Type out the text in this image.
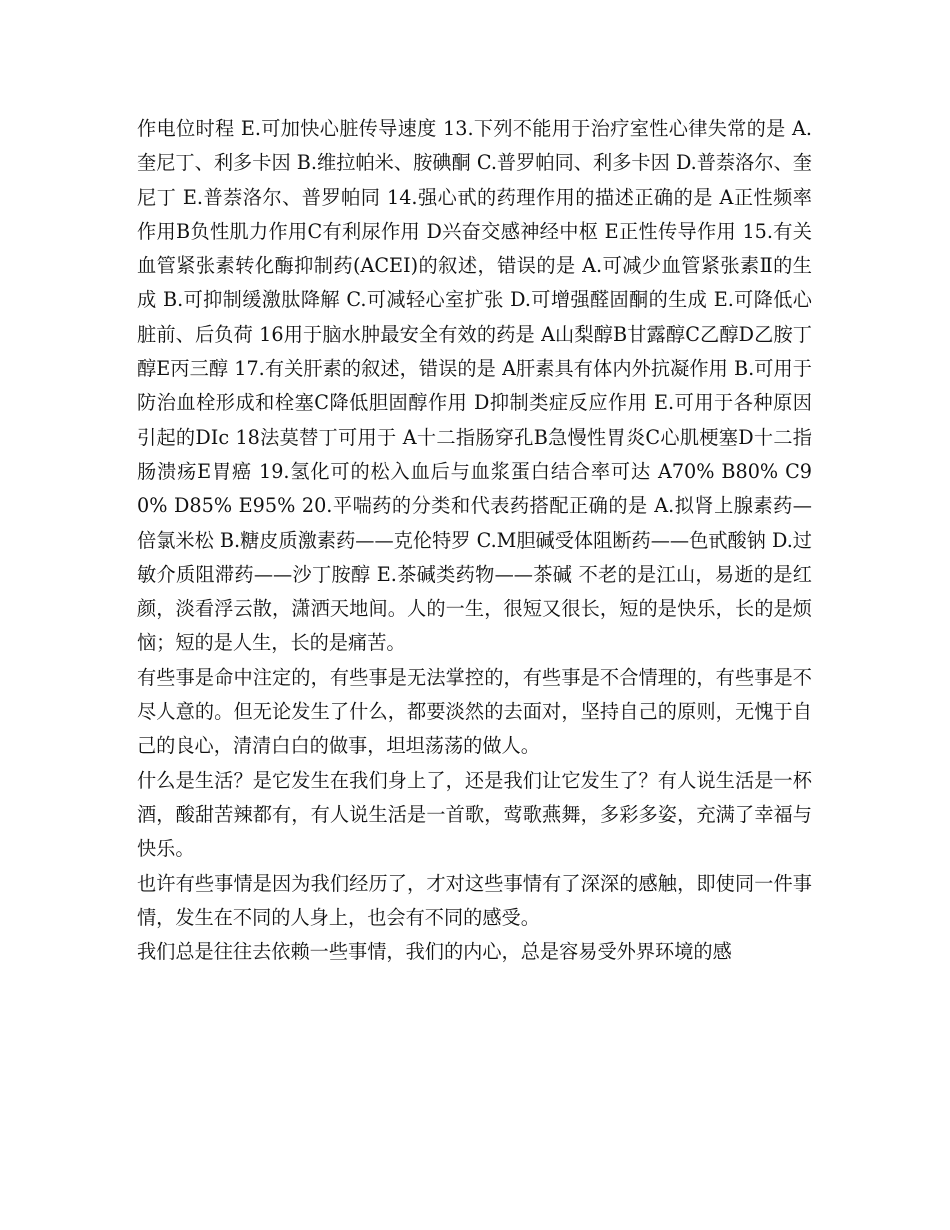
作电位时程 E.可加快心脏传导速度 13.下列不能用于治疗室性心律失常的是 A.奎尼丁、利多卡因 B.维拉帕米、胺碘酮 C.普罗帕同、利多卡因 D.普萘洛尔、奎尼丁 E.普萘洛尔、普罗帕同 14.强心甙的药理作用的描述正确的是 A正性频率作用B负性肌力作用C有利尿作用 D兴奋交感神经中枢 E正性传导作用 15.有关血管紧张素转化酶抑制药(ACEI)的叙述，错误的是 A.可减少血管紧张素Ⅱ的生成 B.可抑制缓激肽降解 C.可减轻心室扩张 D.可增强醛固酮的生成 E.可降低心脏前、后负荷 16用于脑水肿最安全有效的药是 A山梨醇B甘露醇C乙醇D乙胺丁醇E丙三醇 17.有关肝素的叙述，错误的是 A肝素具有体内外抗凝作用 B.可用于防治血栓形成和栓塞C降低胆固醇作用 D抑制类症反应作用 E.可用于各种原因引起的DIc 18法莫替丁可用于 A十二指肠穿孔B急慢性胃炎C心肌梗塞D十二指肠溃疡E胃癌 19.氢化可的松入血后与血浆蛋白结合率可达 A70% B80% C90% D85% E95% 20.平喘药的分类和代表药搭配正确的是 A.拟肾上腺素药—倍氯米松 B.糖皮质激素药——克伦特罗 C.M胆碱受体阻断药——色甙酸钠 D.过敏介质阻滞药——沙丁胺醇 E.茶碱类药物——茶碱 不老的是江山，易逝的是红颜，淡看浮云散，潇洒天地间。人的一生，很短又很长，短的是快乐，长的是烦恼；短的是人生，长的是痛苦。

有些事是命中注定的，有些事是无法掌控的，有些事是不合情理的，有些事是不尽人意的。但无论发生了什么，都要淡然的去面对，坚持自己的原则，无愧于自己的良心，清清白白的做事，坦坦荡荡的做人。

什么是生活？是它发生在我们身上了，还是我们让它发生了？有人说生活是一杯酒，酸甜苦辣都有，有人说生活是一首歌，莺歌燕舞，多彩多姿，充满了幸福与快乐。

也许有些事情是因为我们经历了，才对这些事情有了深深的感触，即使同一件事情，发生在不同的人身上，也会有不同的感受。

我们总是往往去依赖一些事情，我们的内心，总是容易受外界环境的感
